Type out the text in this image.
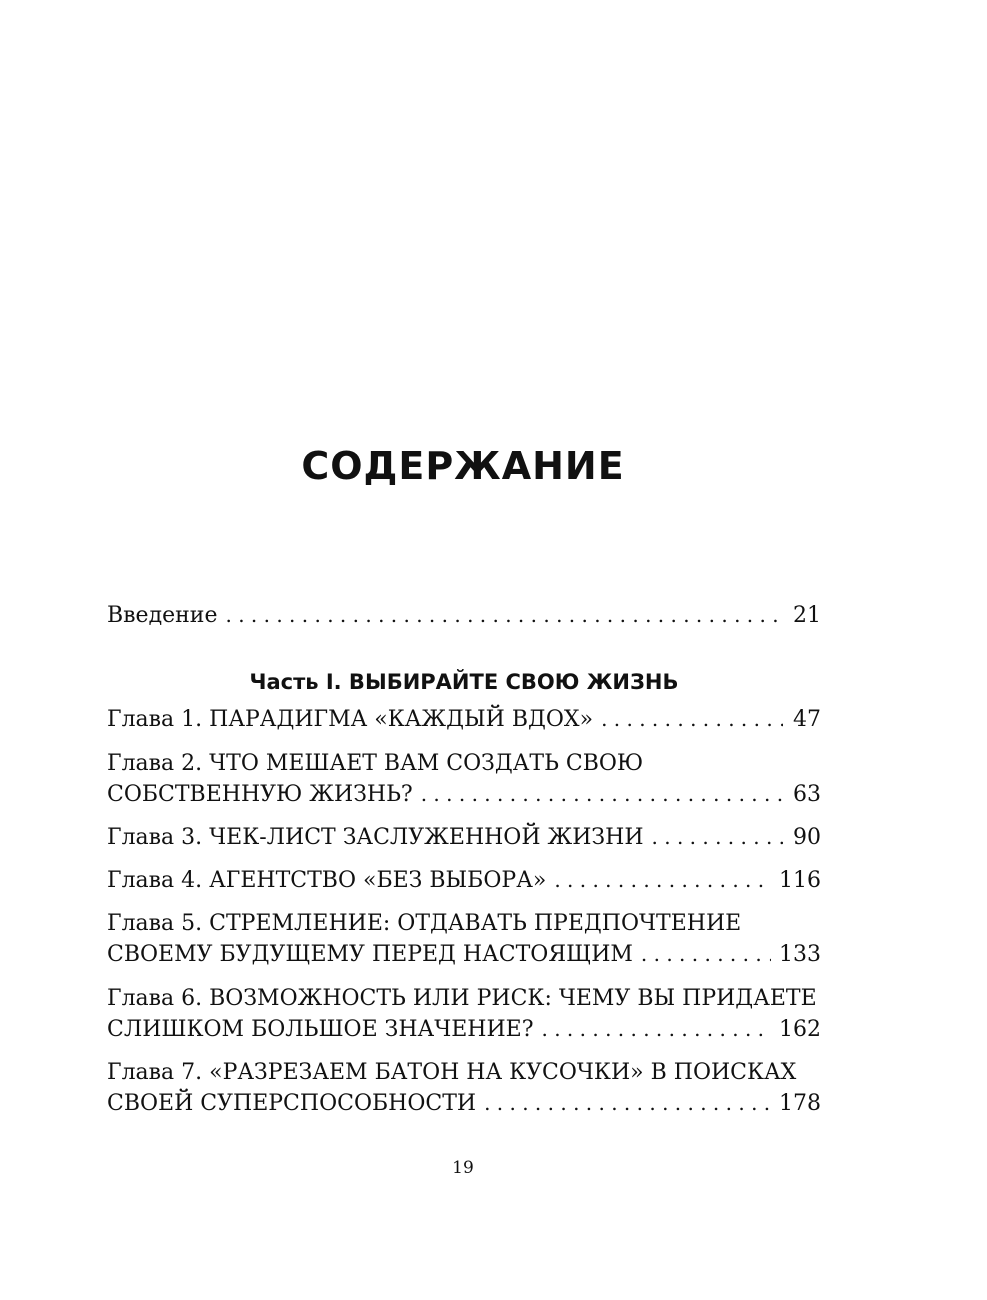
СОДЕРЖАНИЕ
Введение . . .	21
Часть I. ВЫБИРАЙТЕ СВОЮ ЖИЗНЬ
Глава 1. ПАРАДИГМА «КАЖДЫЙ ВДОХ» . . .	47
Глава 2. ЧТО МЕШАЕТ ВАМ СОЗДАТЬ СВОЮ
СОБСТВЕННУЮ ЖИЗНЬ? . . .	63
Глава 3. ЧЕК-ЛИСТ ЗАСЛУЖЕННОЙ ЖИЗНИ . . .	90
Глава 4. АГЕНТСТВО «БЕЗ ВЫБОРА» . . .	116
Глава 5. СТРЕМЛЕНИЕ: ОТДАВАТЬ ПРЕДПОЧТЕНИЕ
СВОЕМУ БУДУЩЕМУ ПЕРЕД НАСТОЯЩИМ . . .	133
Глава 6. ВОЗМОЖНОСТЬ ИЛИ РИСК: ЧЕМУ ВЫ ПРИДАЕТЕ
СЛИШКОМ БОЛЬШОЕ ЗНАЧЕНИЕ? . . .	162
Глава 7. «РАЗРЕЗАЕМ БАТОН НА КУСОЧКИ» В ПОИСКАХ
СВОЕЙ СУПЕРСПОСОБНОСТИ . . .	178
19
